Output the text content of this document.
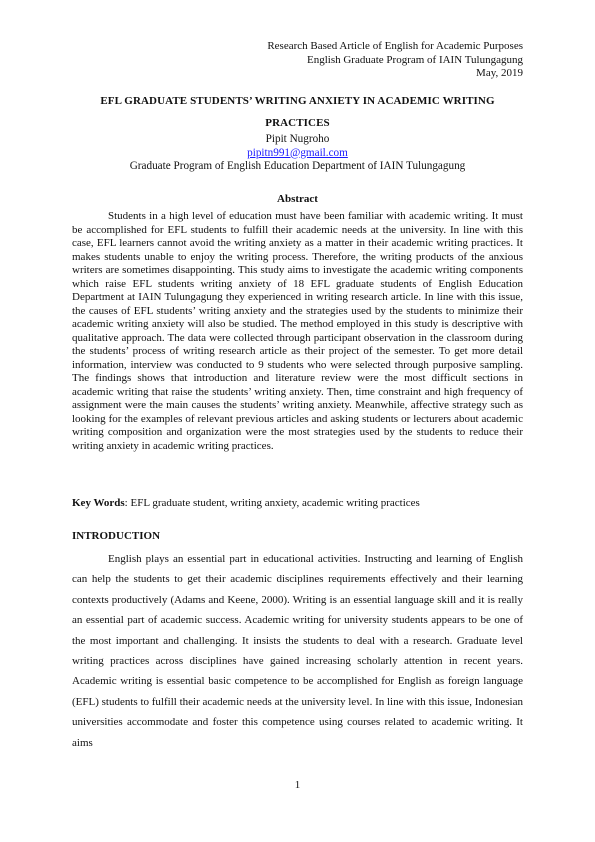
Research Based Article of English for Academic Purposes
English Graduate Program of IAIN Tulungagung
May, 2019
EFL GRADUATE STUDENTS’ WRITING ANXIETY IN ACADEMIC WRITING PRACTICES
Pipit Nugroho
pipitn991@gmail.com
Graduate Program of English Education Department of IAIN Tulungagung
Abstract

Students in a high level of education must have been familiar with academic writing. It must be accomplished for EFL students to fulfill their academic needs at the university. In line with this case, EFL learners cannot avoid the writing anxiety as a matter in their academic writing practices. It makes students unable to enjoy the writing process. Therefore, the writing products of the anxious writers are sometimes disappointing. This study aims to investigate the academic writing components which raise EFL students writing anxiety of 18 EFL graduate students of English Education Department at IAIN Tulungagung they experienced in writing research article. In line with this issue, the causes of EFL students’ writing anxiety and the strategies used by the students to minimize their academic writing anxiety will also be studied. The method employed in this study is descriptive with qualitative approach. The data were collected through participant observation in the classroom during the students’ process of writing research article as their project of the semester. To get more detail information, interview was conducted to 9 students who were selected through purposive sampling. The findings shows that introduction and literature review were the most difficult sections in academic writing that raise the students’ writing anxiety. Then, time constraint and high frequency of assignment were the main causes the students’ writing anxiety. Meanwhile, affective strategy such as looking for the examples of relevant previous articles and asking students or lecturers about academic writing composition and organization were the most strategies used by the students to reduce their writing anxiety in academic writing practices.

Key Words: EFL graduate student, writing anxiety, academic writing practices

INTRODUCTION

English plays an essential part in educational activities. Instructing and learning of English can help the students to get their academic disciplines requirements effectively and their learning contexts productively (Adams and Keene, 2000). Writing is an essential language skill and it is really an essential part of academic success. Academic writing for university students appears to be one of the most important and challenging. It insists the students to deal with a research. Graduate level writing practices across disciplines have gained increasing scholarly attention in recent years. Academic writing is essential basic competence to be accomplished for English as foreign language (EFL) students to fulfill their academic needs at the university level. In line with this issue, Indonesian universities accommodate and foster this competence using courses related to academic writing. It aims

1
